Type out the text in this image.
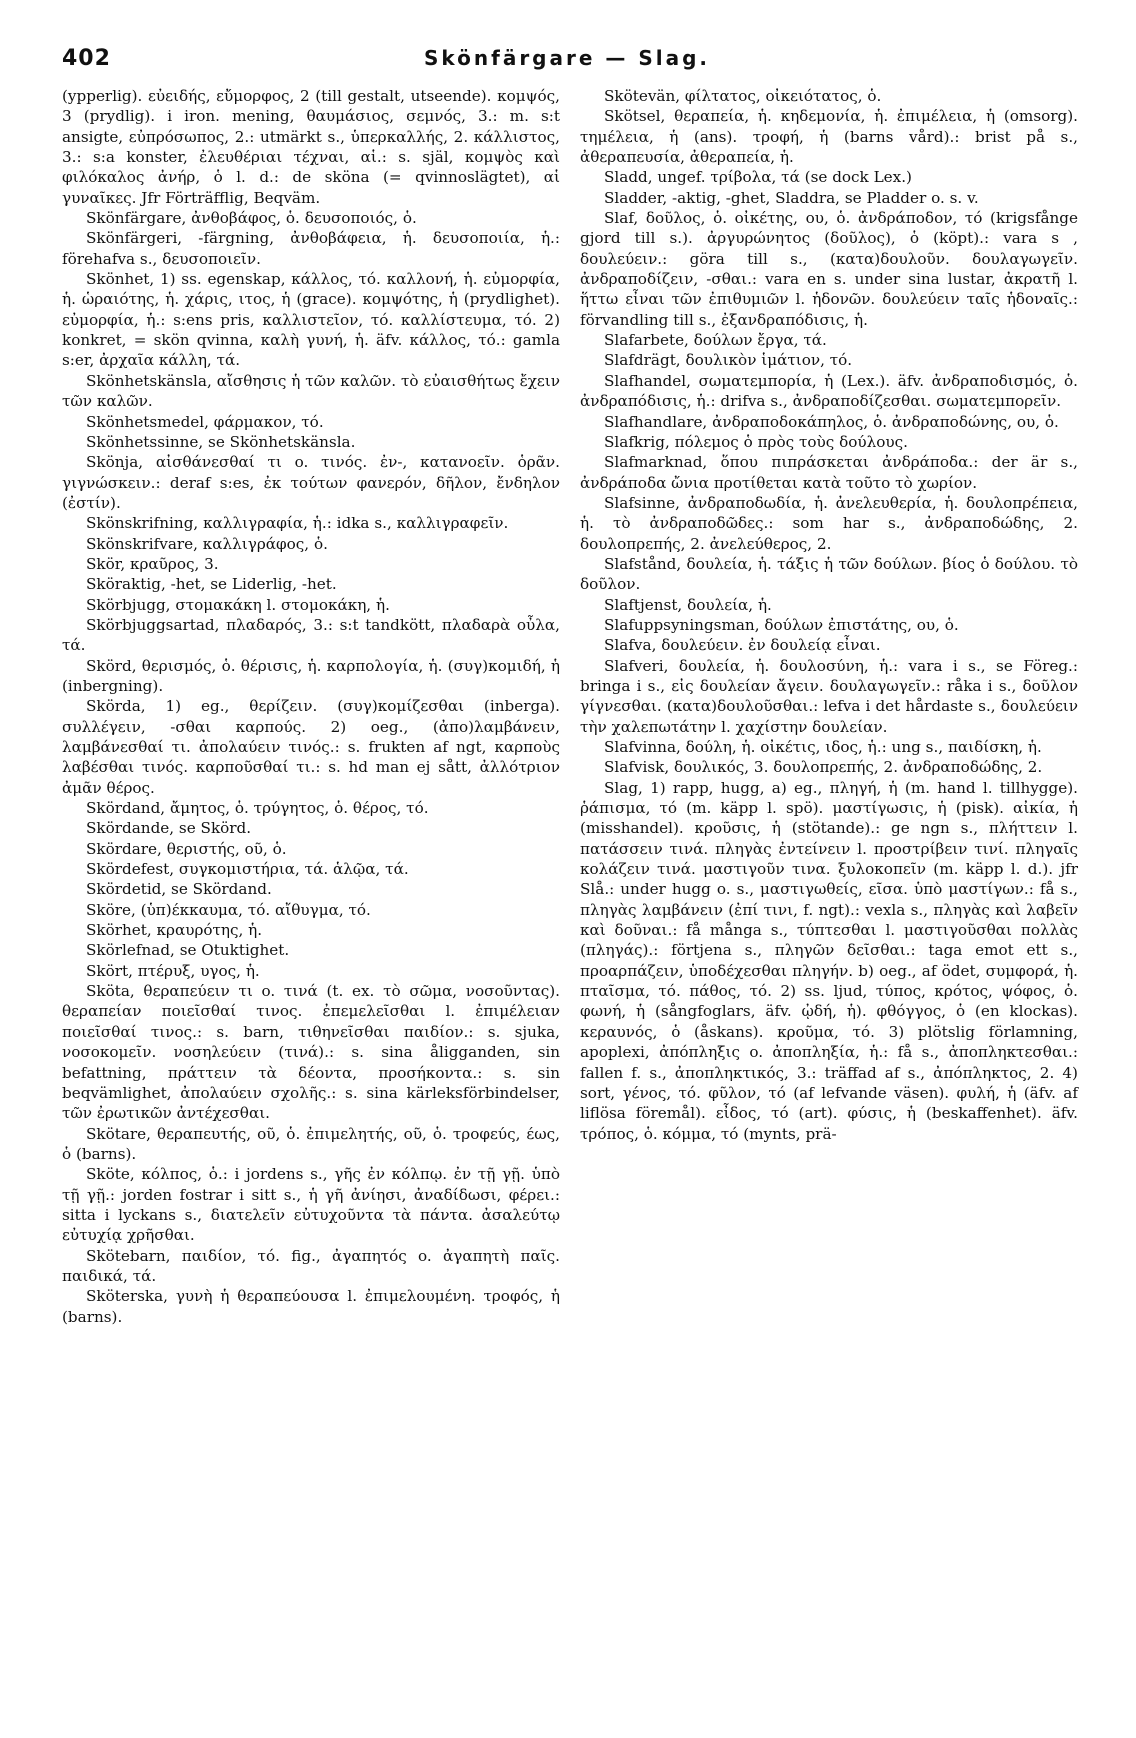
402	Skönfärgare — Slag.

(ypperlig). εὐειδής, εὔμορφος, 2 (till gestalt, utseende). κομψός, 3 (prydlig). i iron. mening, θαυμάσιος, σεμνός, 3.: m. s:t ansigte, εὐπρόσωπος, 2.: utmärkt s., ὑπερκαλλής, 2. κάλλιστος, 3.: s:a konster, ἐλευθέριαι τέχναι, αἱ.: s. själ, κομψὸς καὶ φιλόκαλος ἀνήρ, ὁ l. d.: de sköna (= qvinnoslägtet), αἱ γυναῖκες. Jfr Förträfflig, Beqväm.

Skönfärgare, ἀνθοβάφος, ὁ. δευσοποιός, ὁ.

Skönfärgeri, -färgning, ἀνθοβάφεια, ἡ. δευσοποιία, ἡ.: förehafva s., δευσοποιεῖν.

Skönhet, 1) ss. egenskap, κάλλος, τό. καλλονή, ἡ. εὐμορφία, ἡ. ὡραιότης, ἡ. χάρις, ιτος, ἡ (grace). κομψότης, ἡ (prydlighet). εὐμορφία, ἡ.: s:ens pris, καλλιστεῖον, τό. καλλίστευμα, τό. 2) konkret, = skön qvinna, καλὴ γυνή, ἡ. äfv. κάλλος, τό.: gamla s:er, ἀρχαῖα κάλλη, τά.

Skönhetskänsla, αἴσθησις ἡ τῶν καλῶν. τὸ εὐαισθήτως ἔχειν τῶν καλῶν.

Skönhetsmedel, φάρμακον, τό.

Skönhetssinne, se Skönhetskänsla.

Skönja, αἰσθάνεσθαί τι o. τινός. ἐν-, κατανοεῖν. ὁρᾶν. γιγνώσκειν.: deraf s:es, ἐκ τούτων φανερόν, δῆλον, ἔνδηλον (ἐστίν).

Skönskrifning, καλλιγραφία, ἡ.: idka s., καλλιγραφεῖν.

Skönskrifvare, καλλιγράφος, ὁ.

Skör, κραῦρος, 3.

Sköraktig, -het, se Liderlig, -het.

Skörbjugg, στομακάκη l. στομοκάκη, ἡ.

Skörbjuggsartad, πλαδαρός, 3.: s:t tandkött, πλαδαρὰ οὖλα, τά.

Skörd, θερισμός, ὁ. θέρισις, ἡ. καρπολογία, ἡ. (συγ)κομιδή, ἡ (inbergning).

Skörda, 1) eg., θερίζειν. (συγ)κομίζεσθαι (inberga). συλλέγειν, -σθαι καρπούς. 2) oeg., (ἀπο)λαμβάνειν, λαμβάνεσθαί τι. ἀπολαύειν τινός.: s. frukten af ngt, καρποὺς λαβέσθαι τινός. καρποῦσθαί τι.: s. hd man ej sått, ἀλλότριον ἀμᾶν θέρος.

Skördand, ἄμητος, ὁ. τρύγητος, ὁ. θέρος, τό.

Skördande, se Skörd.

Skördare, θεριστής, οῦ, ὁ.

Skördefest, συγκομιστήρια, τά. ἁλῷα, τά.

Skördetid, se Skördand.

Sköre, (ὑπ)έκκαυμα, τό. αἴθυγμα, τό.

Skörhet, κραυρότης, ἡ.

Skörlefnad, se Otuktighet.

Skört, πτέρυξ, υγος, ἡ.

Sköta, θεραπεύειν τι o. τινά (t. ex. τὸ σῶμα, νοσοῦντας). θεραπείαν ποιεῖσθαί τινος. ἐπεμελεῖσθαι l. ἐπιμέλειαν ποιεῖσθαί τινος.: s. barn, τιθηνεῖσθαι παιδίον.: s. sjuka, νοσοκομεῖν. νοσηλεύειν (τινά).: s. sina åligganden, sin befattning, πράττειν τὰ δέοντα, προσήκοντα.: s. sin beqvämlighet, ἀπολαύειν σχολῆς.: s. sina kärleksförbindelser, τῶν ἐρωτικῶν ἀντέχεσθαι.

Skötare, θεραπευτής, οῦ, ὁ. ἐπιμελητής, οῦ, ὁ. τροφεύς, έως, ὁ (barns).

Sköte, κόλπος, ὁ.: i jordens s., γῆς ἐν κόλπῳ. ἐν τῇ γῇ. ὑπὸ τῇ γῇ.: jorden fostrar i sitt s., ἡ γῆ ἀνίησι, ἀναδίδωσι, φέρει.: sitta i lyckans s., διατελεῖν εὐτυχοῦντα τὰ πάντα. ἀσαλεύτῳ εὐτυχίᾳ χρῆσθαι.

Skötebarn, παιδίον, τό. fig., ἀγαπητός o. ἀγαπητὴ παῖς. παιδικά, τά.

Sköterska, γυνὴ ἡ θεραπεύουσα l. ἐπιμελουμένη. τροφός, ἡ (barns).

Skötevän, φίλτατος, οἰκειότατος, ὁ.

Skötsel, θεραπεία, ἡ. κηδεμονία, ἡ. ἐπιμέλεια, ἡ (omsorg). τημέλεια, ἡ (ans). τροφή, ἡ (barns vård).: brist på s., ἀθεραπευσία, ἀθεραπεία, ἡ.

Sladd, ungef. τρίβολα, τά (se dock Lex.)

Sladder, -aktig, -ghet, Sladdra, se Pladder o. s. v.

Slaf, δοῦλος, ὁ. οἰκέτης, ου, ὁ. ἀνδράποδον, τό (krigsfånge gjord till s.). ἀργυρώνητος (δοῦλος), ὁ (köpt).: vara s , δουλεύειν.: göra till s., (κατα)δουλοῦν. δουλαγωγεῖν. ἀνδραποδίζειν, -σθαι.: vara en s. under sina lustar, ἀκρατῆ l. ἥττω εἶναι τῶν ἐπιθυμιῶν l. ἡδονῶν. δουλεύειν ταῖς ἡδοναῖς.: förvandling till s., ἐξανδραπόδισις, ἡ.

Slafarbete, δούλων ἔργα, τά.

Slafdrägt, δουλικὸν ἱμάτιον, τό.

Slafhandel, σωματεμπορία, ἡ (Lex.). äfv. ἀνδραποδισμός, ὁ. ἀνδραπόδισις, ἡ.: drifva s., ἀνδραποδίζεσθαι. σωματεμπορεῖν.

Slafhandlare, ἀνδραποδοκάπηλος, ὁ. ἀνδραποδώνης, ου, ὁ.

Slafkrig, πόλεμος ὁ πρὸς τοὺς δούλους.

Slafmarknad, ὅπου πιπράσκεται ἀνδράποδα.: der är s., ἀνδράποδα ὤνια προτίθεται κατὰ τοῦτο τὸ χωρίον.

Slafsinne, ἀνδραποδωδία, ἡ. ἀνελευθερία, ἡ. δουλοπρέπεια, ἡ. τὸ ἀνδραποδῶδες.: som har s., ἀνδραποδώδης, 2. δουλοπρεπής, 2. ἀνελεύθερος, 2.

Slafstånd, δουλεία, ἡ. τάξις ἡ τῶν δούλων. βίος ὁ δούλου. τὸ δοῦλον.

Slaftjenst, δουλεία, ἡ.

Slafuppsyningsman, δούλων ἐπιστάτης, ου, ὁ.

Slafva, δουλεύειν. ἐν δουλείᾳ εἶναι.

Slafveri, δουλεία, ἡ. δουλοσύνη, ἡ.: vara i s., se Föreg.: bringa i s., εἰς δουλείαν ἄγειν. δουλαγωγεῖν.: råka i s., δοῦλον γίγνεσθαι. (κατα)δουλοῦσθαι.: lefva i det hårdaste s., δουλεύειν τὴν χαλεπωτάτην l. χαχίστην δουλείαν.

Slafvinna, δούλη, ἡ. οἰκέτις, ιδος, ἡ.: ung s., παιδίσκη, ἡ.

Slafvisk, δουλικός, 3. δουλοπρεπής, 2. ἀνδραποδώδης, 2.

Slag, 1) rapp, hugg, a) eg., πληγή, ἡ (m. hand l. tillhygge). ῥάπισμα, τό (m. käpp l. spö). μαστίγωσις, ἡ (pisk). αἰκία, ἡ (misshandel). κροῦσις, ἡ (stötande).: ge ngn s., πλήττειν l. πατάσσειν τινά. πληγὰς ἐντείνειν l. προστρίβειν τινί. πληγαῖς κολάζειν τινά. μαστιγοῦν τινα. ξυλοκοπεῖν (m. käpp l. d.). jfr Slå.: under hugg o. s., μαστιγωθείς, εῖσα. ὑπὸ μαστίγων.: få s., πληγὰς λαμβάνειν (ἐπί τινι, f. ngt).: vexla s., πληγὰς καὶ λαβεῖν καὶ δοῦναι.: få många s., τύπτεσθαι l. μαστιγοῦσθαι πολλὰς (πληγάς).: förtjena s., πληγῶν δεῖσθαι.: taga emot ett s., προαρπάζειν, ὑποδέχεσθαι πληγήν. b) oeg., af ödet, συμφορά, ἡ. πταῖσμα, τό. πάθος, τό. 2) ss. ljud, τύπος, κρότος, ψόφος, ὁ. φωνή, ἡ (sångfoglars, äfv. ᾠδή, ἡ). φθόγγος, ὁ (en klockas). κεραυνός, ὁ (åskans). κροῦμα, τό. 3) plötslig förlamning, apoplexi, ἀπόπληξις o. ἀποπληξία, ἡ.: få s., ἀποπληκτεσθαι.: fallen f. s., ἀποπληκτικός, 3.: träffad af s., ἀπόπληκτος, 2. 4) sort, γένος, τό. φῦλον, τό (af lefvande väsen). φυλή, ἡ (äfv. af liflösa föremål). εἶδος, τό (art). φύσις, ἡ (beskaffenhet). äfv. τρόπος, ὁ. κόμμα, τό (mynts, prä-
